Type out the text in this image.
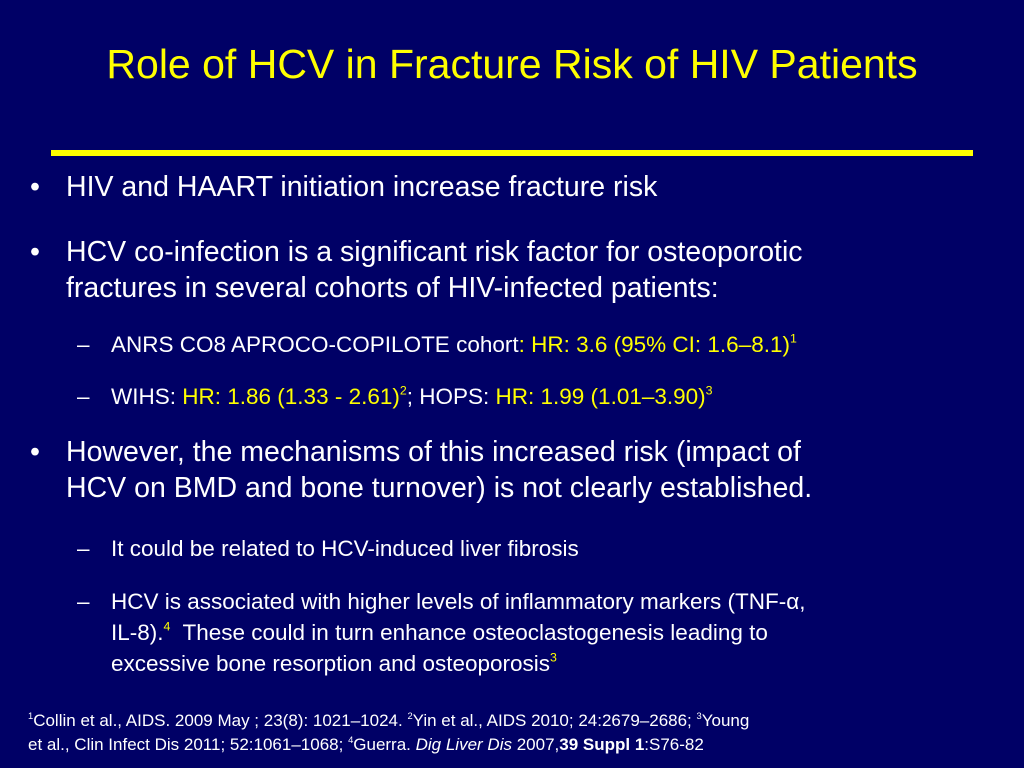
Role of HCV in Fracture Risk of HIV Patients
• HIV and HAART initiation increase fracture risk
• HCV co-infection is a significant risk factor for osteoporotic
fractures in several cohorts of HIV-infected patients:
– ANRS CO8 APROCO-COPILOTE cohort: HR: 3.6 (95% CI: 1.6–8.1)$^1$
– WIHS: HR: 1.86 (1.33 - 2.61)$^2$; HOPS: HR: 1.99 $(1.01-3.90)^3$
• However, the mechanisms of this increased risk (impact of
HCV on BMD and bone turnover) is not clearly established.
– It could be related to HCV-induced liver fibrosis
– HCV is associated with higher levels of inflammatory markers (TNF-α,
IL-8).$^4$  These could in turn enhance osteoclastogenesis leading to
excessive bone resorption and osteoporosis$^3$
$^1$Collin et al., AIDS. 2009 May ; 23(8): 1021–1024. $^2$Yin et al., AIDS 2010; 24:2679–2686; $^3$Young
et al., Clin Infect Dis 2011; 52:1061–1068; $^4$Guerra. Dig Liver Dis 2007,39 Suppl 1:S76-82
